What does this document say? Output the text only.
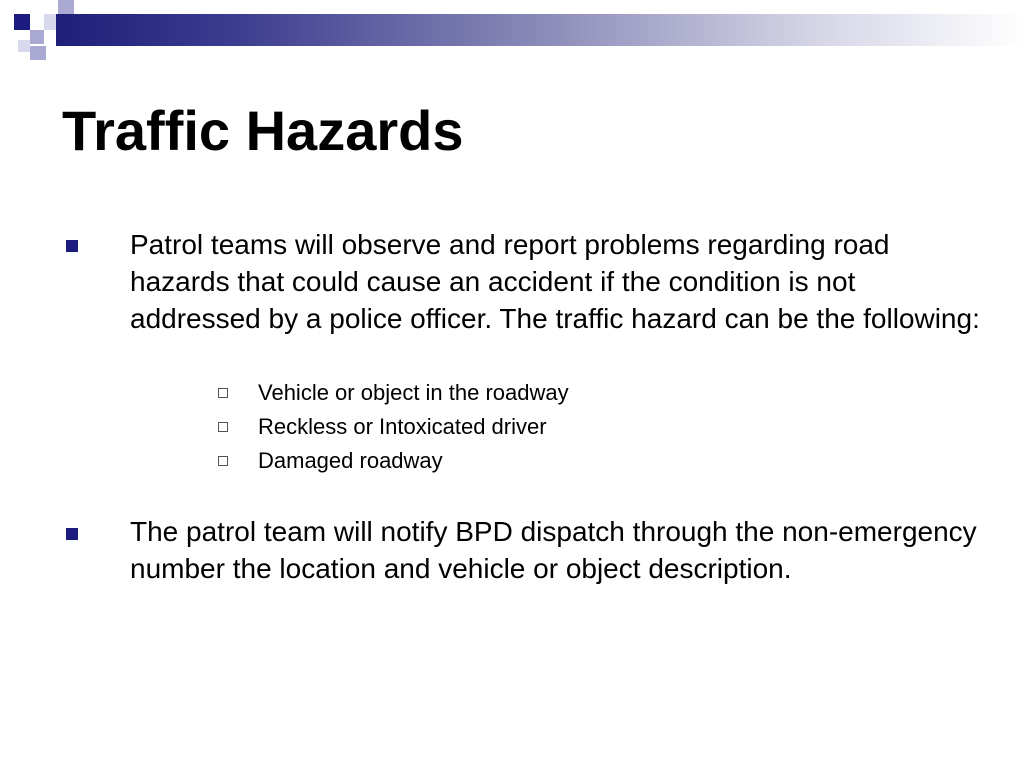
Traffic Hazards

Patrol teams will observe and report problems regarding road hazards that could cause an accident if the condition is not addressed by a police officer. The traffic hazard can be the following:

Vehicle or object in the roadway
Reckless or Intoxicated driver
Damaged roadway

The patrol team will notify BPD dispatch through the non-emergency number the location and vehicle or object description.
